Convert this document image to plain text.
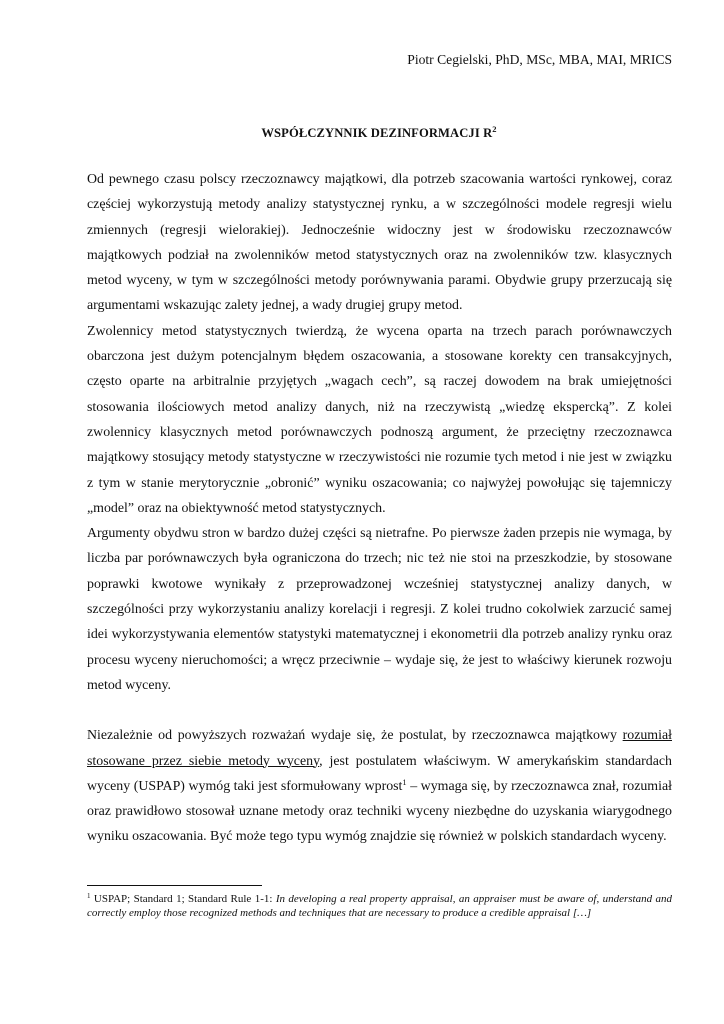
Piotr Cegielski, PhD, MSc, MBA, MAI, MRICS
WSPÓŁCZYNNIK DEZINFORMACJI $R^2$

Od pewnego czasu polscy rzeczoznawcy majątkowi, dla potrzeb szacowania wartości rynkowej, coraz częściej wykorzystują metody analizy statystycznej rynku, a w szczególności modele regresji wielu zmiennych (regresji wielorakiej). Jednocześnie widoczny jest w środowisku rzeczoznawców majątkowych podział na zwolenników metod statystycznych oraz na zwolenników tzw. klasycznych metod wyceny, w tym w szczególności metody porównywania parami. Obydwie grupy przerzucają się argumentami wskazując zalety jednej, a wady drugiej grupy metod.

Zwolennicy metod statystycznych twierdzą, że wycena oparta na trzech parach porównawczych obarczona jest dużym potencjalnym błędem oszacowania, a stosowane korekty cen transakcyjnych, często oparte na arbitralnie przyjętych „wagach cech”, są raczej dowodem na brak umiejętności stosowania ilościowych metod analizy danych, niż na rzeczywistą „wiedzę ekspercką”. Z kolei zwolennicy klasycznych metod porównawczych podnoszą argument, że przeciętny rzeczoznawca majątkowy stosujący metody statystyczne w rzeczywistości nie rozumie tych metod i nie jest w związku z tym w stanie merytorycznie „obronić” wyniku oszacowania; co najwyżej powołując się tajemniczy „model” oraz na obiektywność metod statystycznych.

Argumenty obydwu stron w bardzo dużej części są nietrafne. Po pierwsze żaden przepis nie wymaga, by liczba par porównawczych była ograniczona do trzech; nic też nie stoi na przeszkodzie, by stosowane poprawki kwotowe wynikały z przeprowadzonej wcześniej statystycznej analizy danych, w szczególności przy wykorzystaniu analizy korelacji i regresji. Z kolei trudno cokolwiek zarzucić samej idei wykorzystywania elementów statystyki matematycznej i ekonometrii dla potrzeb analizy rynku oraz procesu wyceny nieruchomości; a wręcz przeciwnie – wydaje się, że jest to właściwy kierunek rozwoju metod wyceny.

Niezależnie od powyższych rozważań wydaje się, że postulat, by rzeczoznawca majątkowy rozumiał stosowane przez siebie metody wyceny, jest postulatem właściwym. W amerykańskim standardach wyceny (USPAP) wymóg taki jest sformułowany wprost$^1$ – wymaga się, by rzeczoznawca znał, rozumiał oraz prawidłowo stosował uznane metody oraz techniki wyceny niezbędne do uzyskania wiarygodnego wyniku oszacowania. Być może tego typu wymóg znajdzie się również w polskich standardach wyceny.

$^1$ USPAP; Standard 1; Standard Rule 1-1: In developing a real property appraisal, an appraiser must be aware of, understand and correctly employ those recognized methods and techniques that are necessary to produce a credible appraisal […]
